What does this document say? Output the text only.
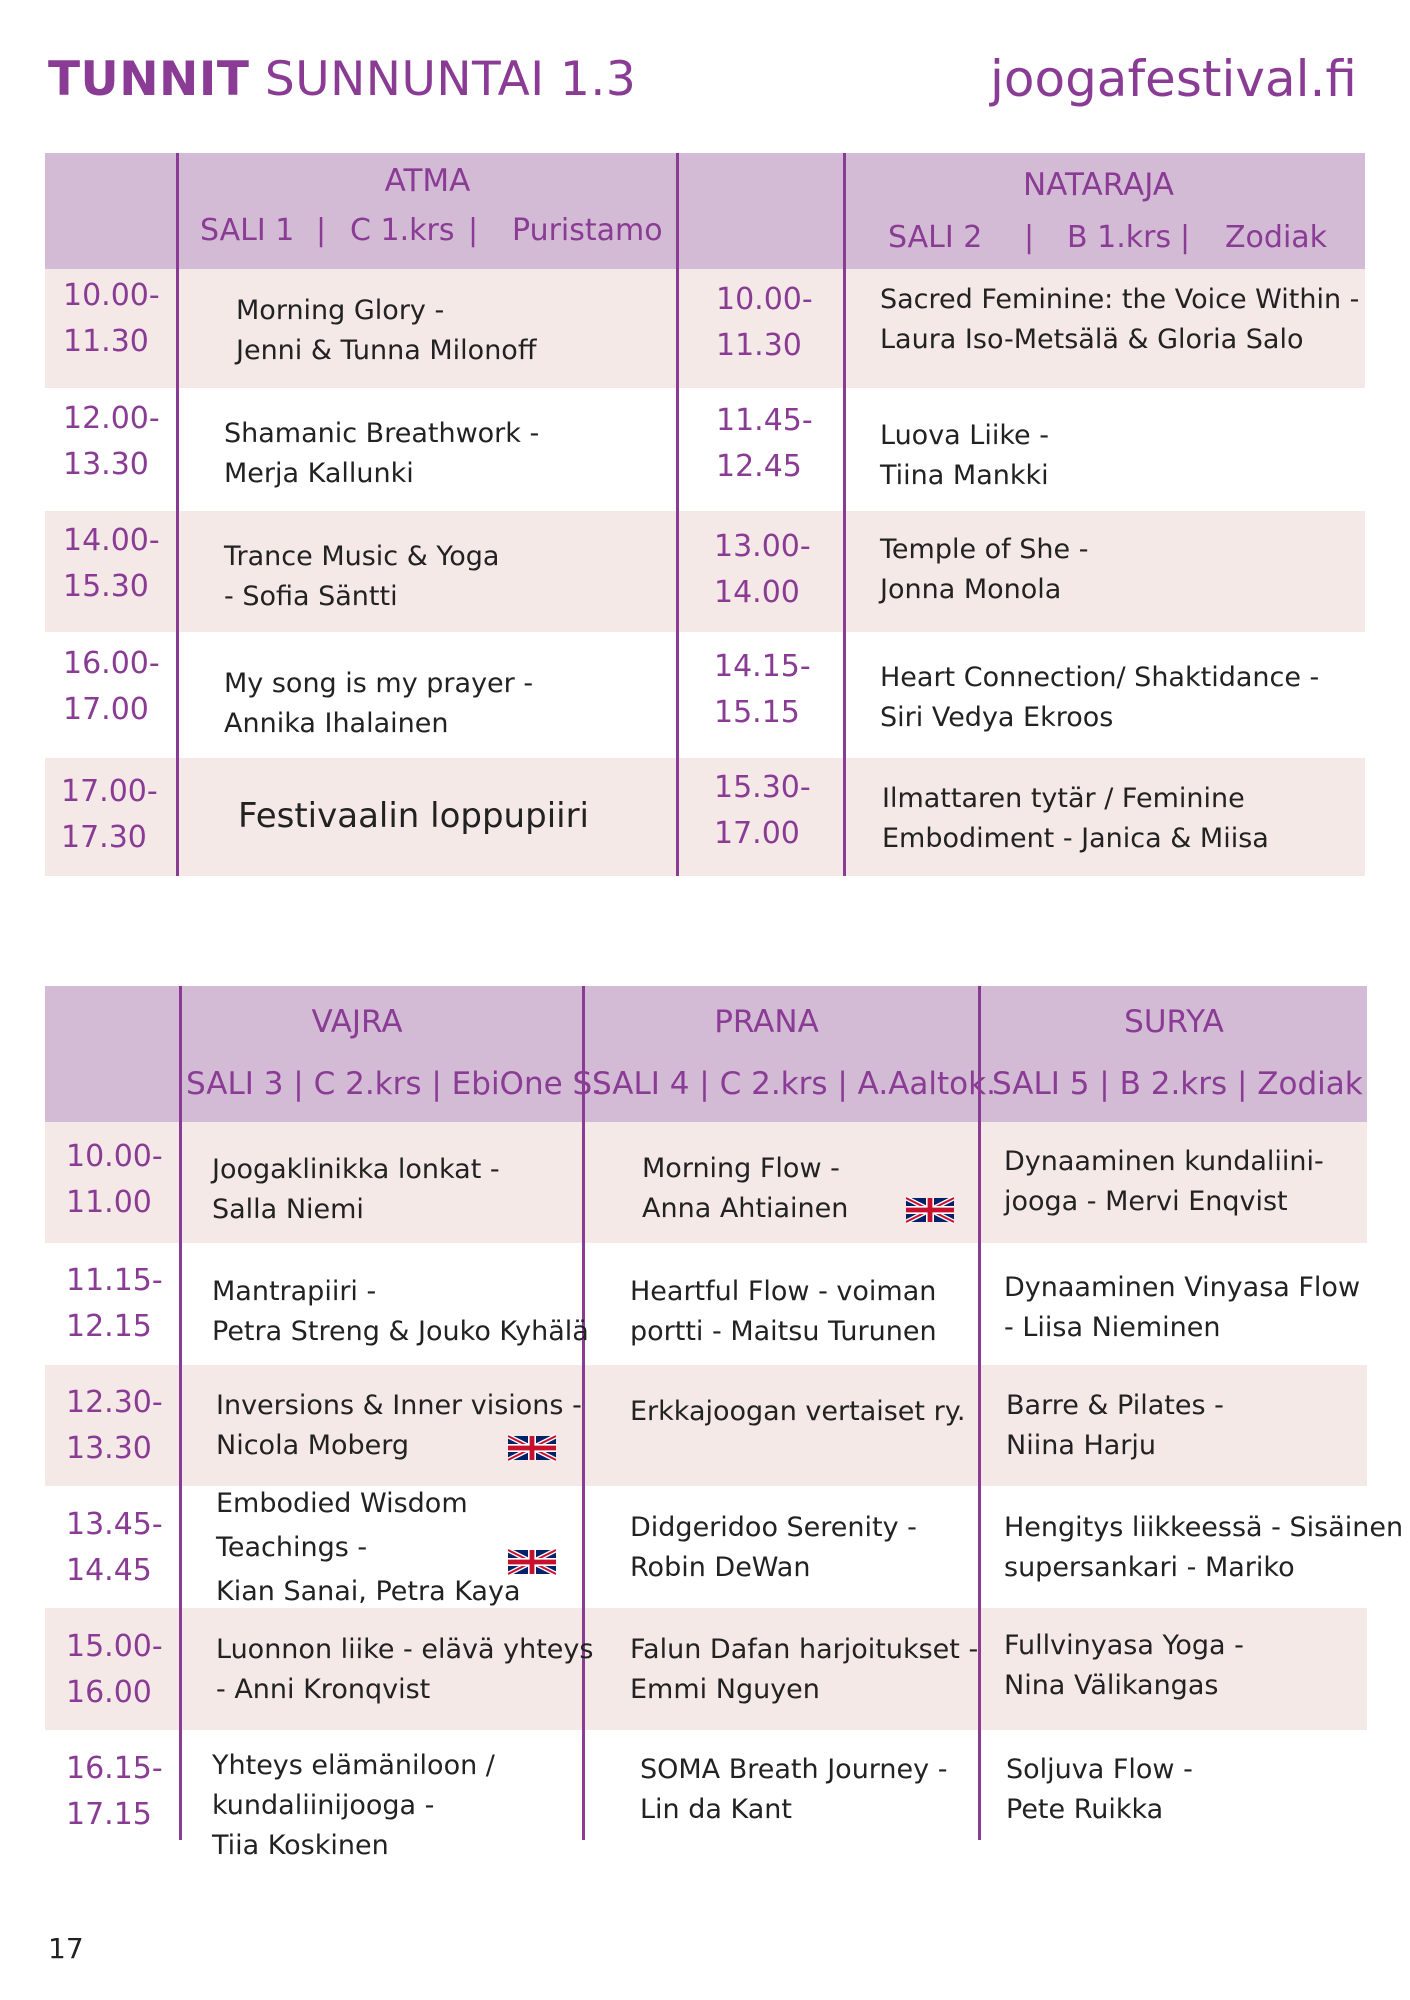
TUNNIT SUNNUNTAI 1.3	joogafestival.fi
ATMA
SALI 1 | C 1.krs | Puristamo
NATARAJA
SALI 2 | B 1.krs | Zodiak
10.00-
11.30
Morning Glory -
Jenni & Tunna Milonoff
10.00-
11.30
Sacred Feminine: the Voice Within -
Laura Iso-Metsälä & Gloria Salo
12.00-
13.30
Shamanic Breathwork -
Merja Kallunki
11.45-
12.45
Luova Liike -
Tiina Mankki
14.00-
15.30
Trance Music & Yoga
- Sofia Säntti
13.00-
14.00
Temple of She -
Jonna Monola
16.00-
17.00
My song is my prayer -
Annika Ihalainen
14.15-
15.15
Heart Connection/ Shaktidance -
Siri Vedya Ekroos
17.00-
17.30
Festivaalin loppupiiri
15.30-
17.00
Ilmattaren tytär / Feminine
Embodiment - Janica & Miisa
VAJRA
SALI 3 | C 2.krs | EbiOne S.
PRANA
SALI 4 | C 2.krs | A.Aaltok.
SURYA
SALI 5 | B 2.krs | Zodiak
10.00-
11.00
Joogaklinikka lonkat -
Salla Niemi
Morning Flow -
Anna Ahtiainen
Dynaaminen kundaliini-
jooga - Mervi Enqvist
11.15-
12.15
Mantrapiiri -
Petra Streng & Jouko Kyhälä
Heartful Flow - voiman
portti - Maitsu Turunen
Dynaaminen Vinyasa Flow
- Liisa Nieminen
12.30-
13.30
Inversions & Inner visions -
Nicola Moberg
Erkkajoogan vertaiset ry. Barre & Pilates -
Niina Harju
13.45-
14.45
Embodied Wisdom
Teachings -
Kian Sanai, Petra Kaya
Didgeridoo Serenity -
Robin DeWan
Hengitys liikkeessä - Sisäinen
supersankari - Mariko
15.00-
16.00
Luonnon liike - elävä yhteys
- Anni Kronqvist
Falun Dafan harjoitukset -
Emmi Nguyen
Fullvinyasa Yoga -
Nina Välikangas
16.15-
17.15
Yhteys elämäniloon /
kundaliinijooga -
Tiia Koskinen
SOMA Breath Journey -
Lin da Kant
Soljuva Flow -
Pete Ruikka
17
